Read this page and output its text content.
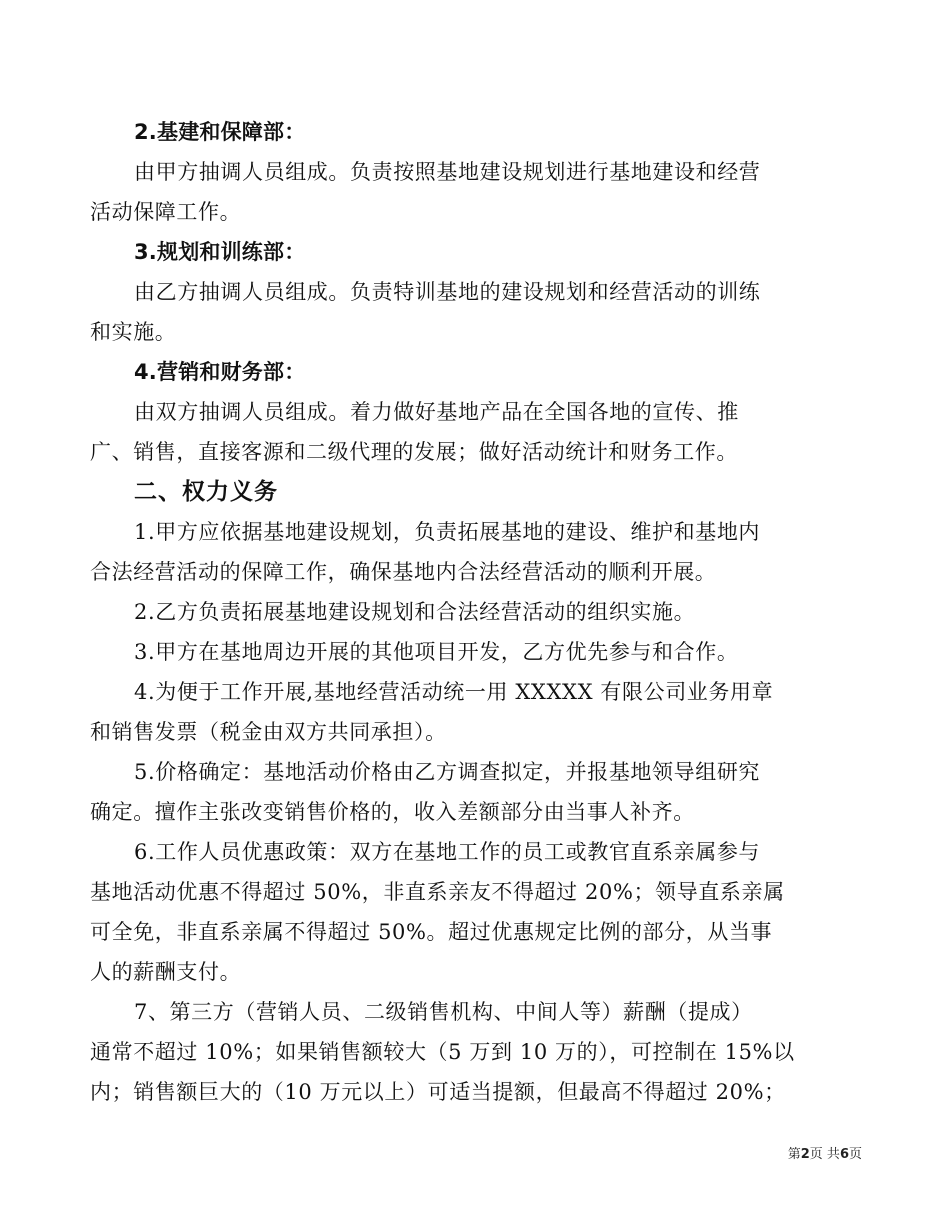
2.基建和保障部：
由甲方抽调人员组成。负责按照基地建设规划进行基地建设和经营
活动保障工作。
3.规划和训练部：
由乙方抽调人员组成。负责特训基地的建设规划和经营活动的训练
和实施。
4.营销和财务部：
由双方抽调人员组成。着力做好基地产品在全国各地的宣传、推
广、销售，直接客源和二级代理的发展；做好活动统计和财务工作。
二、权力义务
1.甲方应依据基地建设规划，负责拓展基地的建设、维护和基地内
合法经营活动的保障工作，确保基地内合法经营活动的顺利开展。
2.乙方负责拓展基地建设规划和合法经营活动的组织实施。
3.甲方在基地周边开展的其他项目开发，乙方优先参与和合作。
4.为便于工作开展,基地经营活动统一用 XXXXX 有限公司业务用章
和销售发票（税金由双方共同承担）。
5.价格确定：基地活动价格由乙方调查拟定，并报基地领导组研究
确定。擅作主张改变销售价格的，收入差额部分由当事人补齐。
6.工作人员优惠政策：双方在基地工作的员工或教官直系亲属参与
基地活动优惠不得超过 50%，非直系亲友不得超过 20%；领导直系亲属
可全免，非直系亲属不得超过 50%。超过优惠规定比例的部分，从当事
人的薪酬支付。
7、第三方（营销人员、二级销售机构、中间人等）薪酬（提成）
通常不超过 10%；如果销售额较大（5 万到 10 万的），可控制在 15%以
内；销售额巨大的（10 万元以上）可适当提额，但最高不得超过 20%；
第2页 共6页
